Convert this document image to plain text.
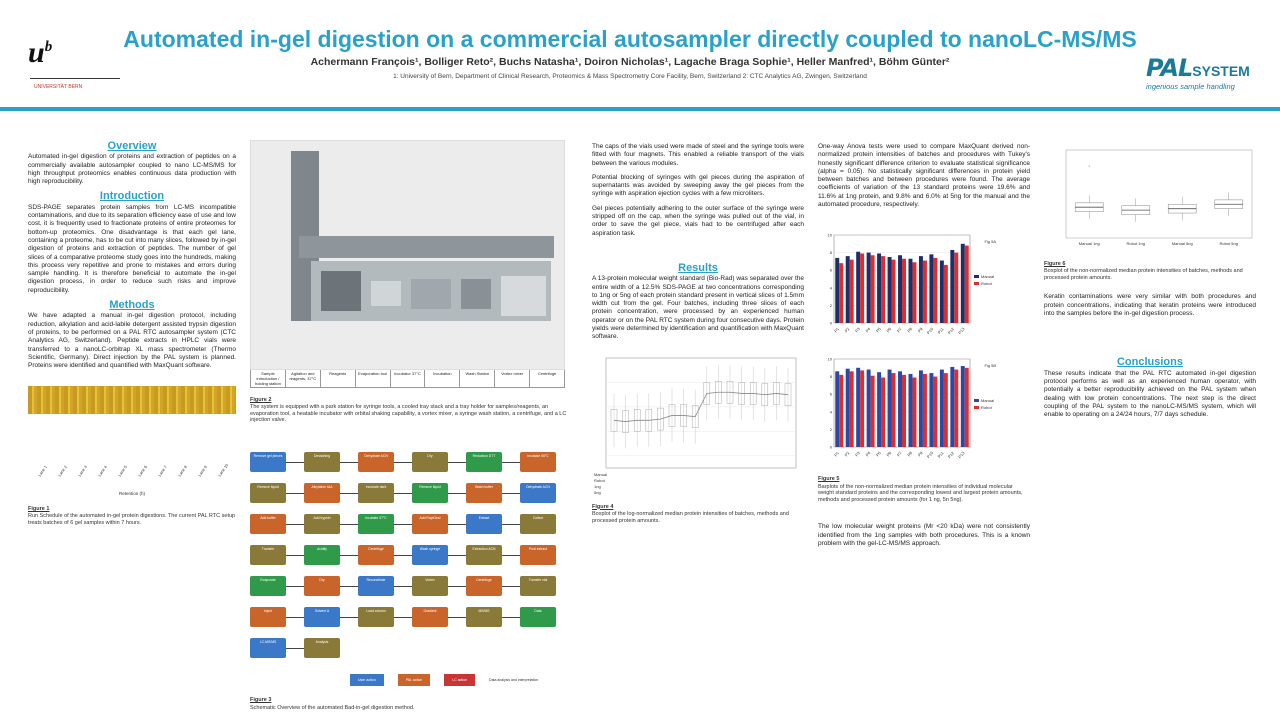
$u^b$
UNIVERSITÄT BERN
Automated in-gel digestion on a commercial autosampler directly coupled to nanoLC-MS/MS
Achermann François¹, Bolliger Reto², Buchs Natasha¹, Doiron Nicholas¹, Lagache Braga Sophie¹, Heller Manfred¹, Böhm Günter²
1: University of Bern, Department of Clinical Research, Proteomics & Mass Spectrometry Core Facility, Bern, Switzerland 2: CTC Analytics AG, Zwingen, Switzerland	PALSYSTEM
ingenious sample handling
Overview
Automated in-gel digestion of proteins and extraction of peptides on a commercially available autosampler coupled to nano LC-MS/MS for high throughput proteomics enables continuous data production with high reproducibility.
Introduction
SDS-PAGE separates protein samples from LC-MS incompatible contaminations, and due to its separation efficiency ease of use and low cost, it is frequently used to fractionate proteins of entire proteomes for bottom-up proteomics. One disadvantage is that each gel lane, containing a proteome, has to be cut into many slices, followed by in-gel digestion of proteins and extraction of peptides. The number of gel slices of a comparative proteome study goes into the hundreds, making this process very repetitive and prone to mistakes and errors during sample handling. It is therefore beneficial to automate the in-gel digestion process, in order to reduce such risks and improve reproducibility.
Methods
We have adapted a manual in-gel digestion protocol, including reduction, alkylation and acid-labile detergent assisted trypsin digestion of proteins, to be performed on a PAL RTC autosampler system (CTC Analytics AG, Switzerland). Peptide extracts in HPLC vials were transferred to a nanoLC-orbitrap XL mass spectrometer (Thermo Scientific, Germany). Direct injection by the PAL system is planned. Proteins were identified and quantified with MaxQuant software.
Lane 1	Lane 2	Lane 3	Lane 4	Lane 5	Lane 6	Lane 7	Lane 8	Lane 9	Lane 10
Retention (h)
Figure 1
Run Schedule of the automated in-gel protein digestions. The current PAL RTC setup treats batches of 6 gel samples within 7 hours.
Sample introduction / holding station
Agitation and reagents, 37°C
Reagents	Evaporation tool	Incubator 37°C	Incubation	Wash Station	Vortex mixer	Centrifuge
Figure 2
The system is equipped with a park station for syringe tools, a cooled tray stack and a tray holder for samples/reagents, an evaporation tool, a heatable incubator with orbital shaking capability, a vortex mixer, a syringe wash station, a centrifuge, and a LC injection valve.
Remove gel pieces	Destaining	Dehydrate ACN	Dry	Reduction DTT	Incubate 56°C
Remove liquid	Alkylation IAA	Incubate dark	Remove liquid	Wash buffer	Dehydrate ACN
Add buffer	Add trypsin	Incubate 37°C	Add RapiGest	Extract	Collect
Transfer	Acidify	Centrifuge	Wash syringe	Extraction ACN	Pool extract
Evaporate	Dry	Reconstitute	Vortex	Centrifuge	Transfer vial
Inject	Solvent A	Load column	Gradient	MS/MS	Data
LC-MS/MS	Analysis
User action	PAL action	LC action	Data analysis and interpretation
Figure 3
Schematic Overview of the automated Bad-in-gel digestion method.
The caps of the vials used were made of steel and the syringe tools were fitted with four magnets. This enabled a reliable transport of the vials between the various modules.
Potential blocking of syringes with gel pieces during the aspiration of supernatants was avoided by sweeping away the gel pieces from the syringe with aspiration ejection cycles with a few microliters.
Gel pieces potentially adhering to the outer surface of the syringe were stripped off on the cap, when the syringe was pulled out of the vial, in order to save the gel piece, vials had to be centrifuged after each aspiration task.
Results
A 13-protein molecular weight standard (Bio-Rad) was separated over the entire width of a 12.5% SDS-PAGE at two concentrations corresponding to 1ng or 5ng of each protein standard present in vertical slices of 1.5mm width cut from the gel. Four batches, including three slices of each protein concentration, were processed by an experienced human operator or on the PAL RTC system during four consecutive days. Protein yields were determined by identification and quantification with MaxQuant software.
Manual
Robot
1ng
5ng
Figure 4
Boxplot of the log-normalized median protein intensities of batches, methods and processed protein amounts.
One-way Anova tests were used to compare MaxQuant derived non-normalized protein intensities of batches and procedures with Tukey's honestly significant difference criterion to evaluate statistical significance (alpha = 0.05). No statistically significant differences in protein yield between batches and between procedures were found. The average coefficients of variation of the 13 standard proteins were 19.6% and 11.6% at 1ng protein, and 9.8% and 6.0% at 5ng for the manual and the automated procedure, respectively.
0
2
4
6
8
10
P1 P2 P3 P4 P5 P6 P7 P8 P9 P10 P11 P12 P13
Fig 5A
Manual
Robot
0
2
4
6
8
10
P1 P2 P3 P4 P5 P6 P7 P8 P9 P10 P11 P12 P13
Fig 5B
Manual
Robot
Figure 5
Barplots of the non-normalized median protein intensities of individual molecular weight standard proteins and the corresponding lowest and largest protein amounts, methods and processed protein amounts (for 1 ng, 5n 5ng).
The low molecular weight proteins (Mr <20 kDa) were not consistently identified from the 1ng samples with both procedures. This is a known problem with the gel-LC-MS/MS approach.
Manual 1ng	Robot 1ng	Manual 5ng	Robot 5ng
Figure 6
Boxplot of the non-normalized median protein intensities of batches, methods and processed protein amounts.
Keratin contaminations were very similar with both procedures and protein concentrations, indicating that keratin proteins were introduced into the samples before the in-gel digestion process.
Conclusions
These results indicate that the PAL RTC automated in-gel digestion protocol performs as well as an experienced human operator, with potentially a better reproducibility achieved on the PAL system when dealing with low protein concentrations. The next step is the direct coupling of the PAL system to the nanoLC-MS/MS system, which will enable to operating on a 24/24 hours, 7/7 days schedule.
